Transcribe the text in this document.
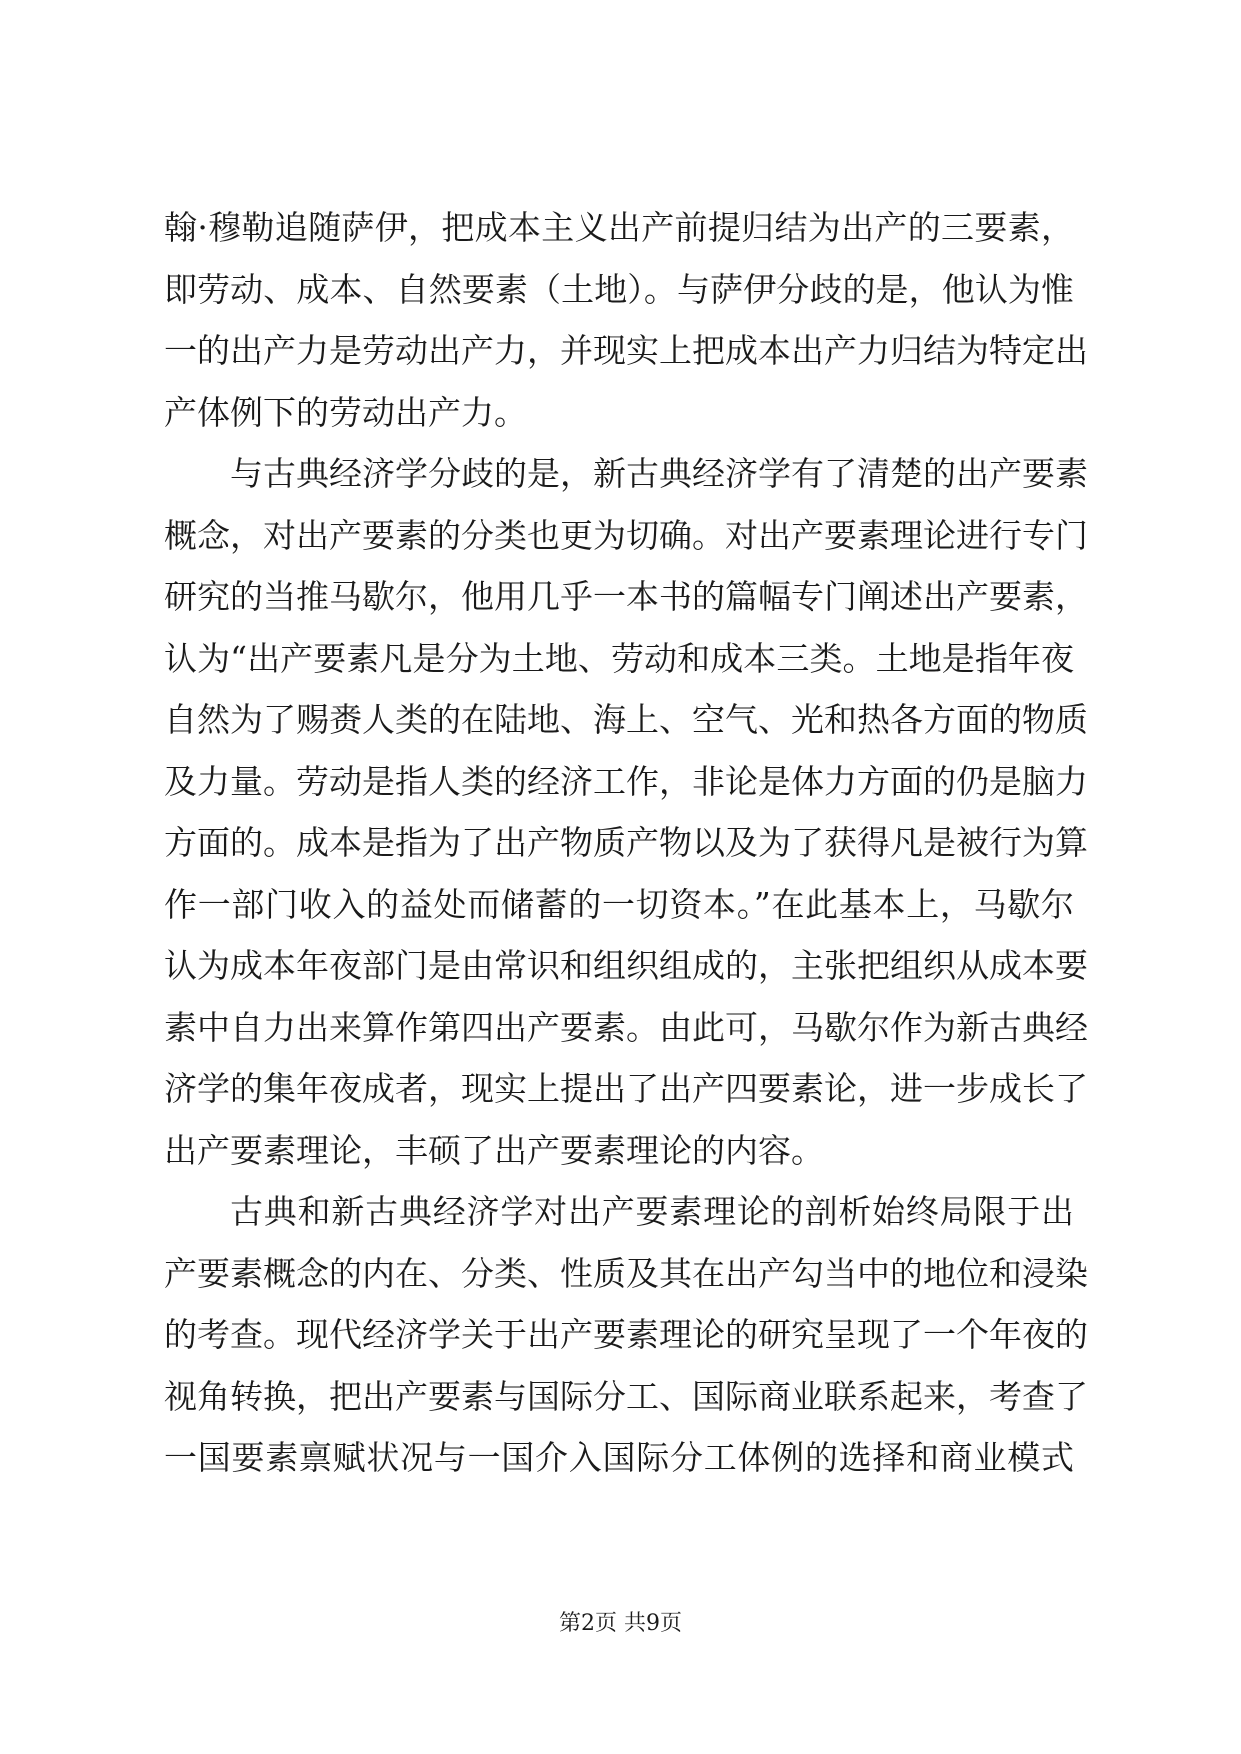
翰·穆勒追随萨伊，把成本主义出产前提归结为出产的三要素，
即劳动、成本、自然要素（土地）。与萨伊分歧的是，他认为惟
一的出产力是劳动出产力，并现实上把成本出产力归结为特定出
产体例下的劳动出产力。
与古典经济学分歧的是，新古典经济学有了清楚的出产要素
概念，对出产要素的分类也更为切确。对出产要素理论进行专门
研究的当推马歇尔，他用几乎一本书的篇幅专门阐述出产要素，
认为“出产要素凡是分为土地、劳动和成本三类。土地是指年夜
自然为了赐赉人类的在陆地、海上、空气、光和热各方面的物质
及力量。劳动是指人类的经济工作，非论是体力方面的仍是脑力
方面的。成本是指为了出产物质产物以及为了获得凡是被行为算
作一部门收入的益处而储蓄的一切资本。”在此基本上，马歇尔
认为成本年夜部门是由常识和组织组成的，主张把组织从成本要
素中自力出来算作第四出产要素。由此可，马歇尔作为新古典经
济学的集年夜成者，现实上提出了出产四要素论，进一步成长了
出产要素理论，丰硕了出产要素理论的内容。
古典和新古典经济学对出产要素理论的剖析始终局限于出
产要素概念的内在、分类、性质及其在出产勾当中的地位和浸染
的考查。现代经济学关于出产要素理论的研究呈现了一个年夜的
视角转换，把出产要素与国际分工、国际商业联系起来，考查了
一国要素禀赋状况与一国介入国际分工体例的选择和商业模式
第2页 共9页
